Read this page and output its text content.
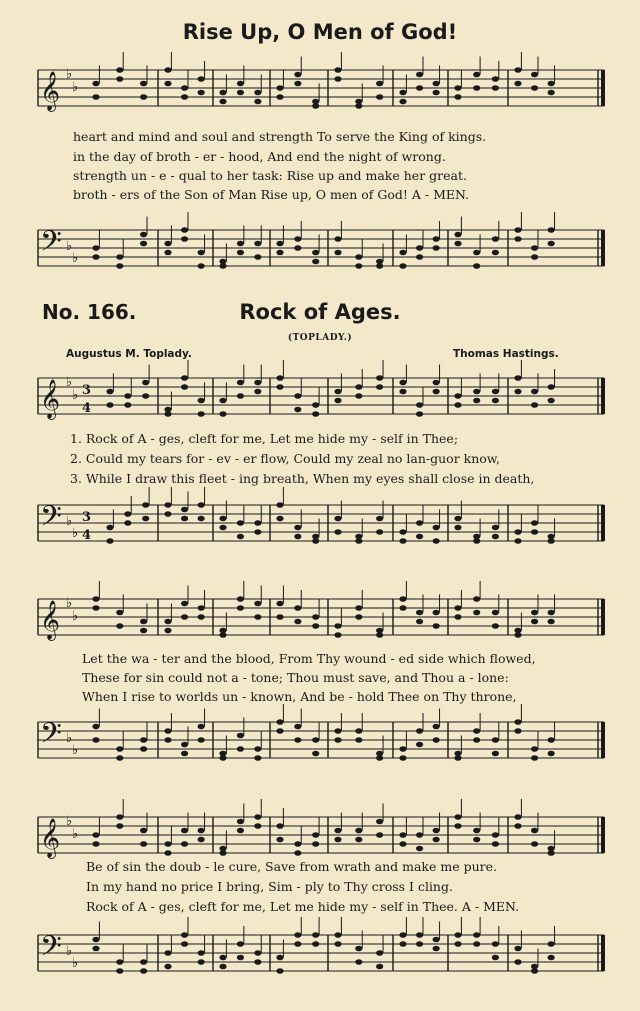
Rise Up, O Men of God!
𝄞 ♭
♭
heart and mind and soul and strength To serve the King of kings.
in the day of broth - er - hood, And end the night of wrong.
strength un - e - qual to her task: Rise up and make her great.
broth - ers of the Son of Man Rise up, O men of God! A - MEN.
𝄢 ♭
♭
No. 166.	Rock of Ages.
(TOPLADY.)
Augustus M. Toplady.	Thomas Hastings.
𝄞 ♭
♭ 3
4
1. Rock of A - ges, cleft for me, Let me hide my - self in Thee;
2. Could my tears for - ev - er flow, Could my zeal no lan-guor know,
3. While I draw this fleet - ing breath, When my eyes shall close in death,
𝄢 ♭
♭
3
4
𝄞 ♭
♭
Let the wa - ter and the blood, From Thy wound - ed side which flowed,
These for sin could not a - tone; Thou must save, and Thou a - lone:
When I rise to worlds un - known, And be - hold Thee on Thy throne,
𝄢 ♭
♭
𝄞 ♭
♭
Be of sin the doub - le cure, Save from wrath and make me pure.
In my hand no price I bring, Sim - ply to Thy cross I cling.
Rock of A - ges, cleft for me, Let me hide my - self in Thee. A - MEN.
𝄢 ♭
♭
